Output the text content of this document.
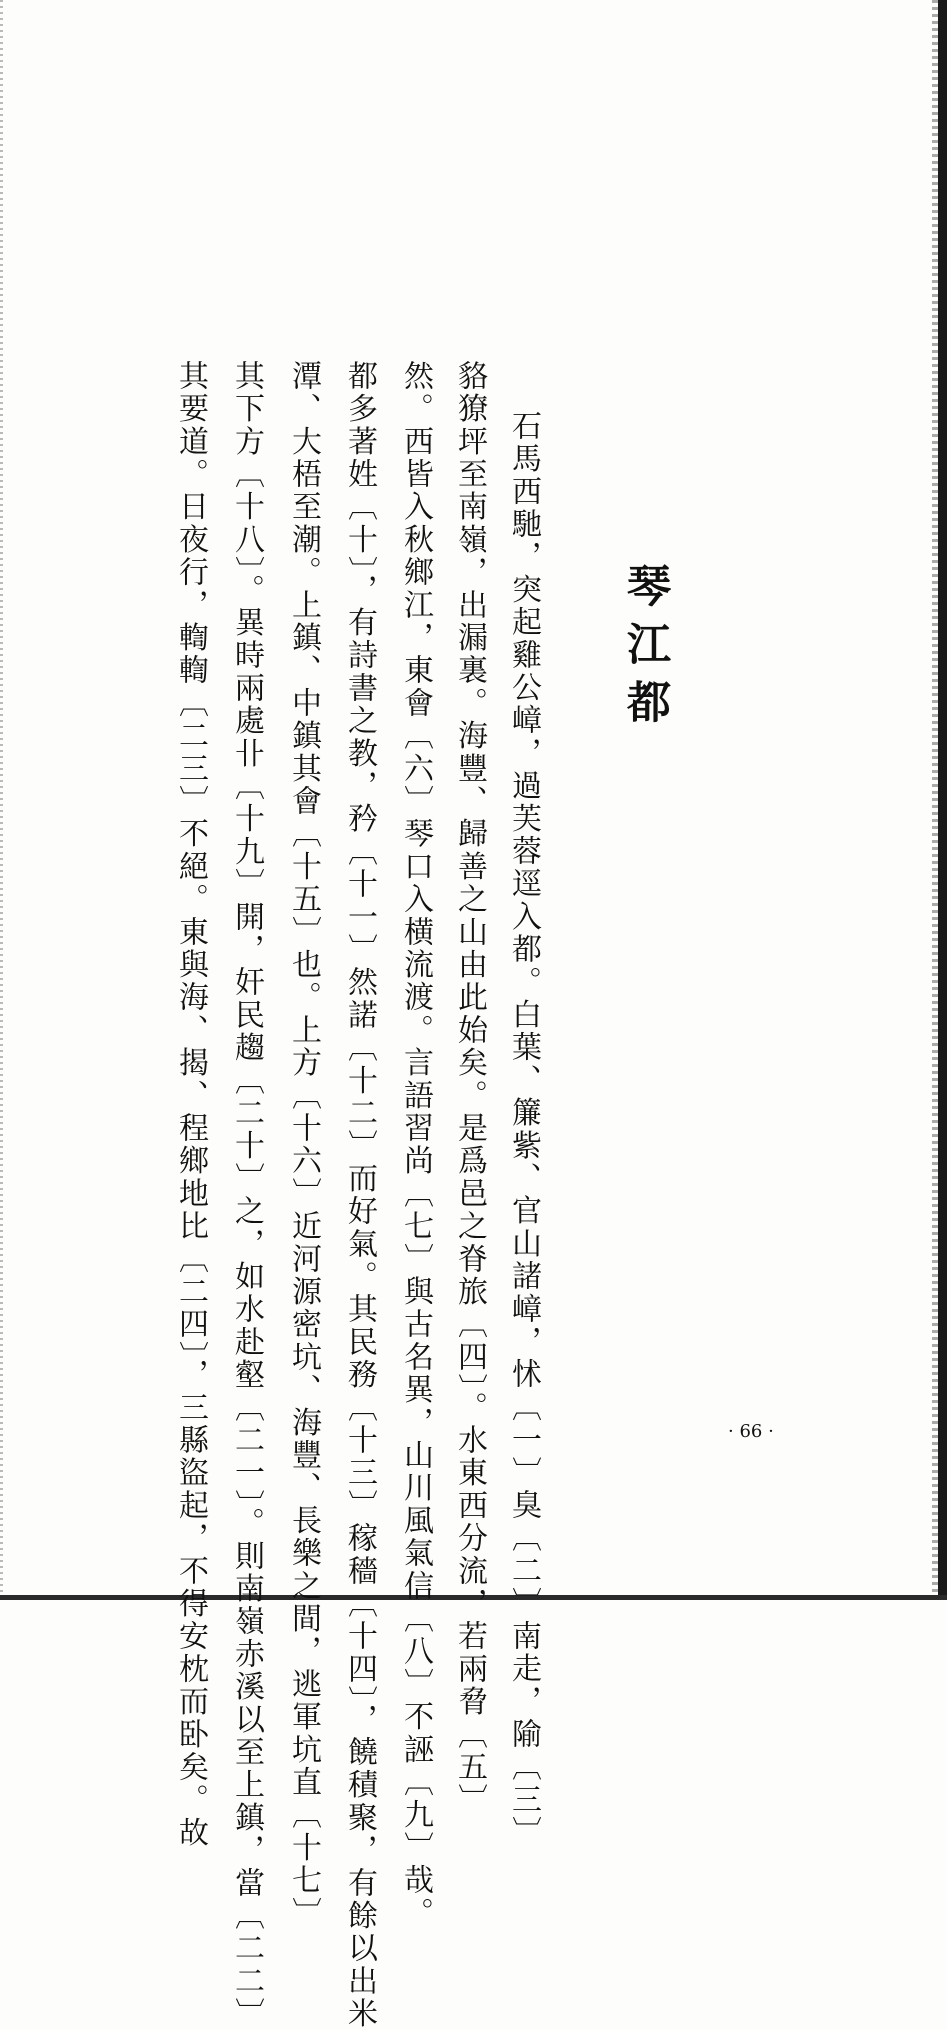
琴江都
石馬西馳，突起雞公嶂，過芙蓉逕入都。白葉、簾紫、官山諸嶂，怵〔一〕臭〔二〕南走，隃〔三〕
貉獠坪至南嶺，出漏裏。海豐、歸善之山由此始矣。是爲邑之脊旅〔四〕。水東西分流，若兩脅〔五〕
然。西皆入秋鄉江，東會〔六〕琴口入横流渡。言語習尚〔七〕與古名異，山川風氣信〔八〕不誣〔九〕哉。
都多著姓〔十〕，有詩書之教，矜〔十一〕然諾〔十二〕而好氣。其民務〔十三〕稼穡〔十四〕，饒積聚，有餘以出米
潭、大梧至潮。上鎮、中鎮其會〔十五〕也。上方〔十六〕近河源密坑、海豐、長樂之間，逃軍坑直〔十七〕
其下方〔十八〕。異時兩處卝〔十九〕開，奸民趨〔二十〕之，如水赴壑〔二一〕。則南嶺赤溪以至上鎮，當〔二二〕
其要道。日夜行，輷輷〔二三〕不絕。東與海、揭、程鄉地比〔二四〕，三縣盜起，不得安枕而卧矣。故	· 66 ·
